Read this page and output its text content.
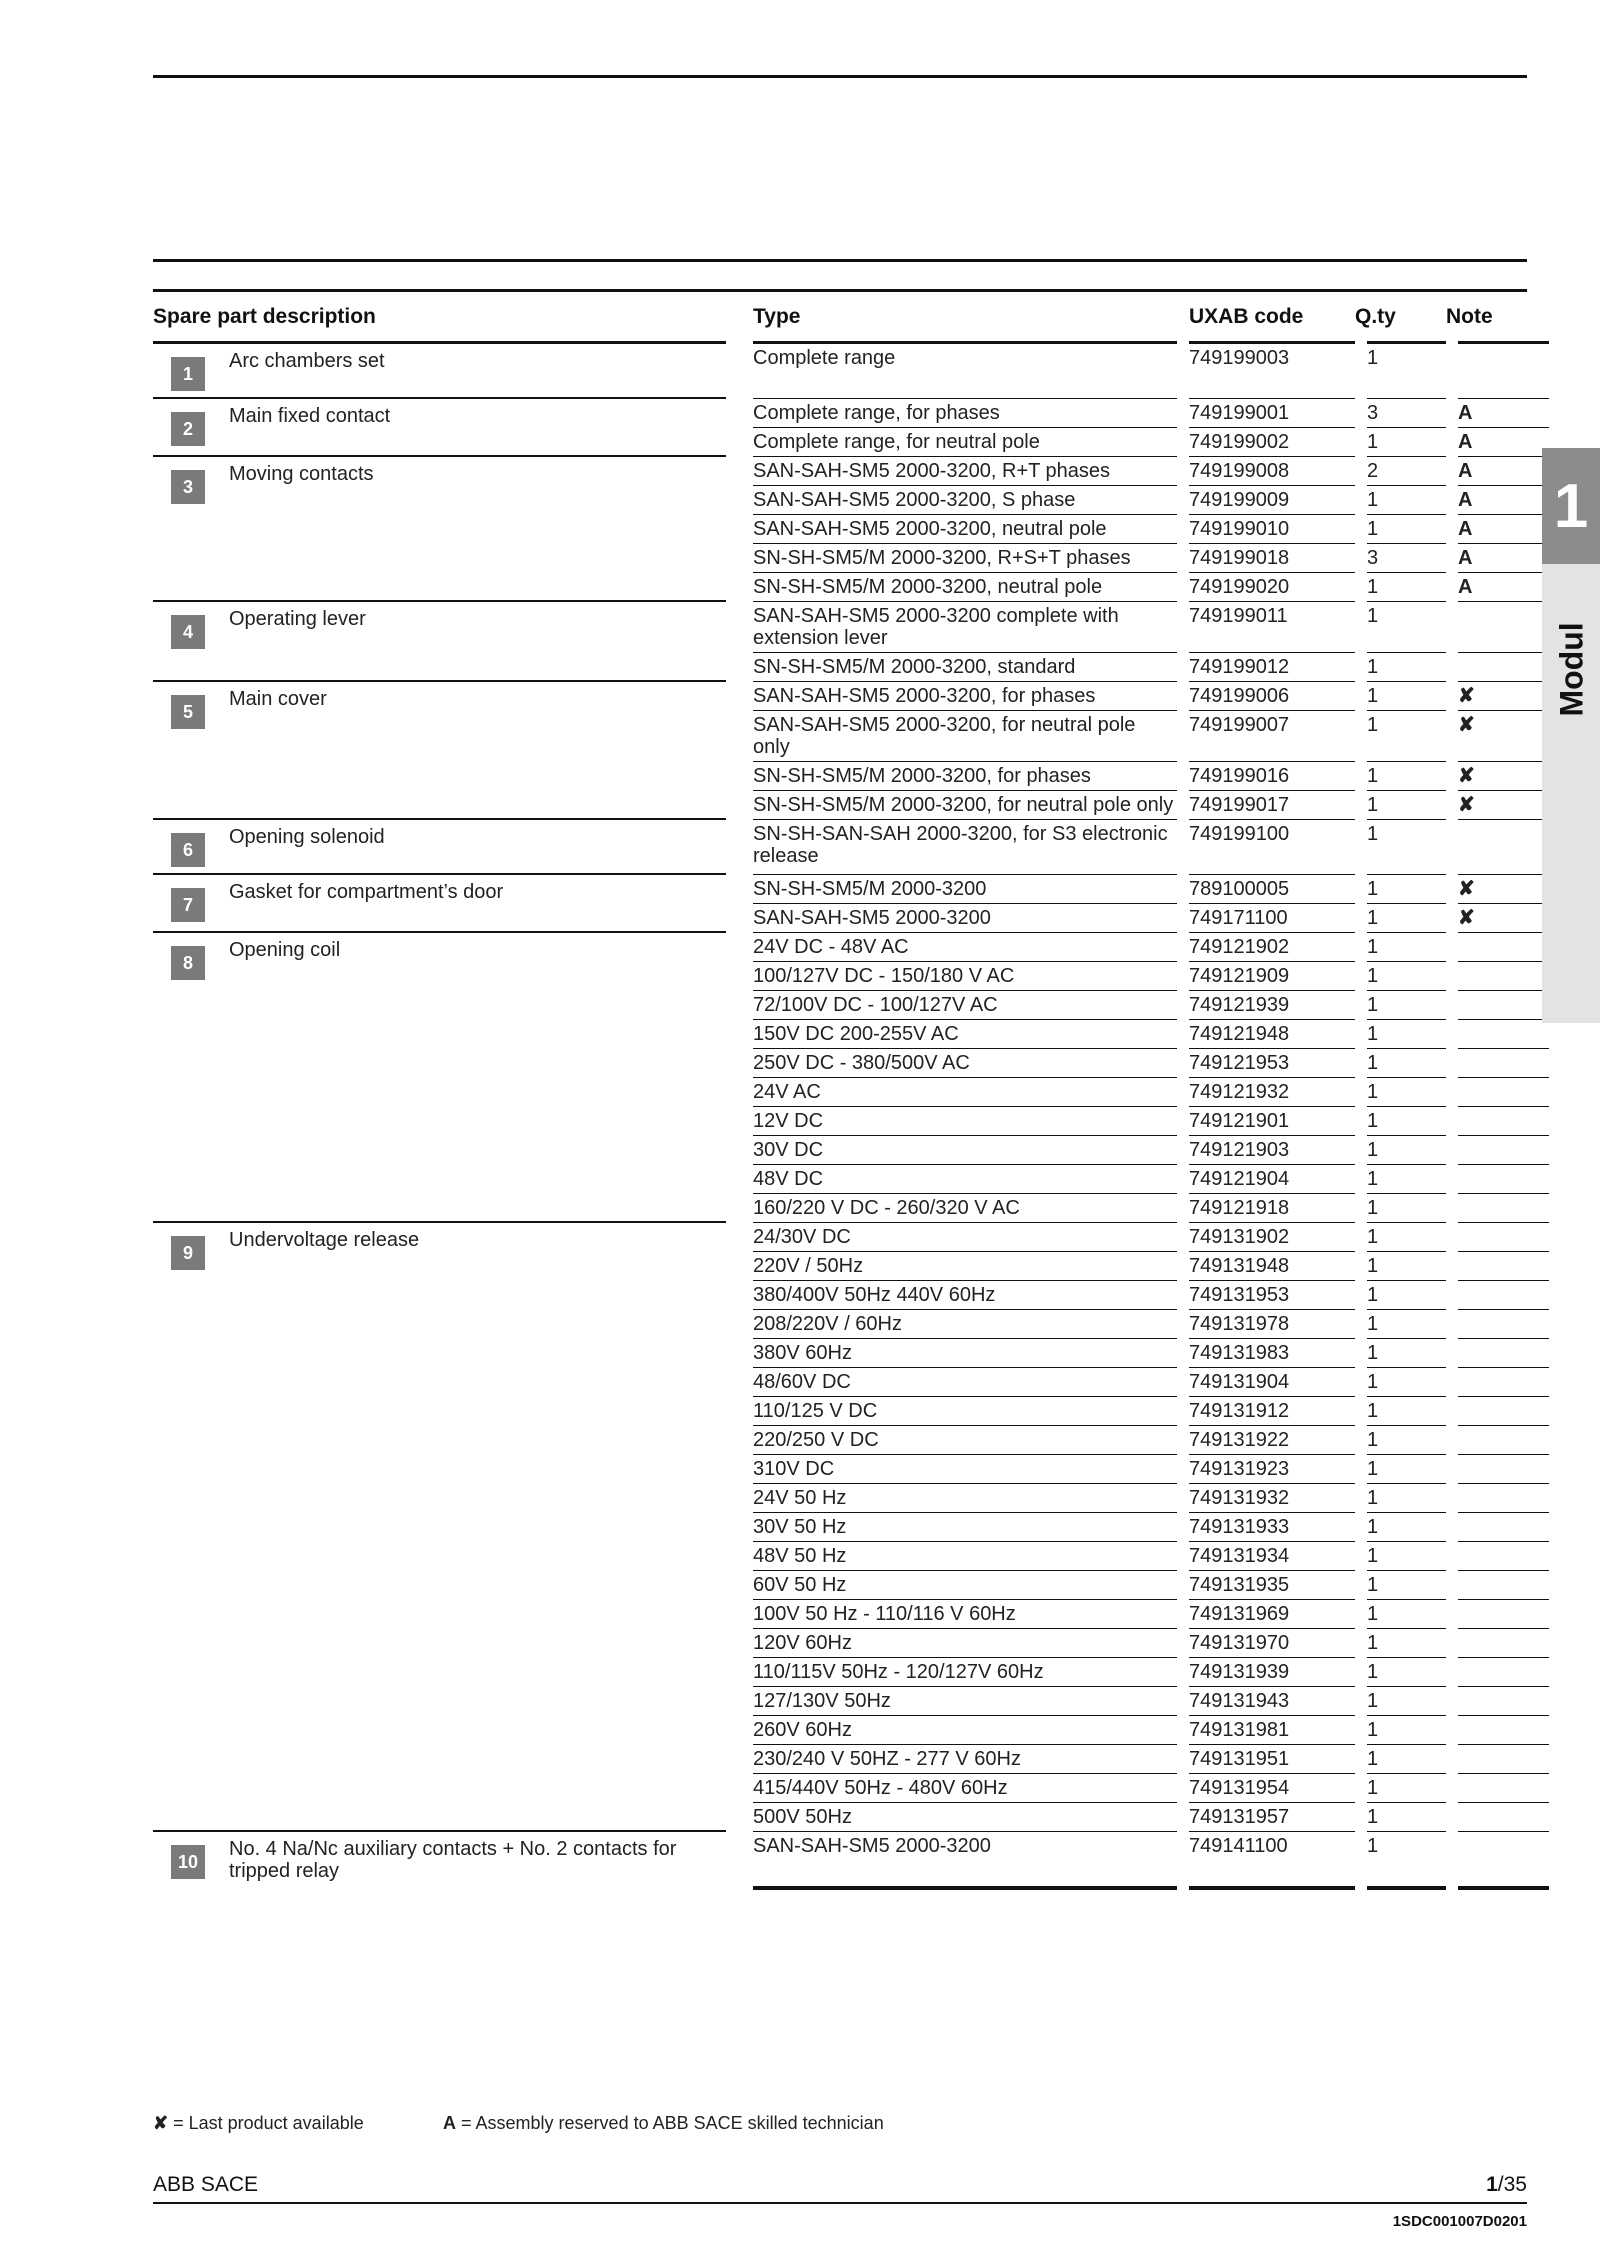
Spare part description	Type	UXAB code Q.ty Note
1
Arc chambers set		Complete range		749199003		1		

2
Main fixed contact		Complete range, for phases		749199001		3		A
		Complete range, for neutral pole		749199002		1		A

3
Moving contacts		SAN-SAH-SM5 2000-3200, R+T phases		749199008		2		A
		SAN-SAH-SM5 2000-3200, S phase		749199009		1		A
		SAN-SAH-SM5 2000-3200, neutral pole		749199010		1		A
		SN-SH-SM5/M 2000-3200, R+S+T phases		749199018		3		A
		SN-SH-SM5/M 2000-3200, neutral pole		749199020		1		A

4
Operating lever		SAN-SAH-SM5 2000-3200 complete with extension lever		749199011		1		
		SN-SH-SM5/M 2000-3200, standard		749199012		1		

5
Main cover		SAN-SAH-SM5 2000-3200, for phases		749199006		1		✘
		SAN-SAH-SM5 2000-3200, for neutral pole only		749199007		1		✘
		SN-SH-SM5/M 2000-3200, for phases		749199016		1		✘
		SN-SH-SM5/M 2000-3200, for neutral pole only		749199017		1		✘

6
Opening solenoid		SN-SH-SAN-SAH 2000-3200, for S3 electronic release		749199100		1		

7
Gasket for compartment’s door		SN-SH-SM5/M 2000-3200		789100005		1		✘
		SAN-SAH-SM5 2000-3200		749171100		1		✘

8
Opening coil		24V DC - 48V AC		749121902		1		
		100/127V DC - 150/180 V AC		749121909		1		
		72/100V DC - 100/127V AC		749121939		1		
		150V DC 200-255V AC		749121948		1		
		250V DC - 380/500V AC		749121953		1		
		24V AC		749121932		1		
		12V DC		749121901		1		
		30V DC		749121903		1		
		48V DC		749121904		1		
		160/220 V DC - 260/320 V AC		749121918		1		

9
Undervoltage release		24/30V DC		749131902		1		
		220V / 50Hz		749131948		1		
		380/400V 50Hz 440V 60Hz		749131953		1		
		208/220V / 60Hz		749131978		1		
		380V 60Hz		749131983		1		
		48/60V DC		749131904		1		
		110/125 V DC		749131912		1		
		220/250 V DC		749131922		1		
		310V DC		749131923		1		
		24V 50 Hz		749131932		1		
		30V 50 Hz		749131933		1		
		48V 50 Hz		749131934		1		
		60V 50 Hz		749131935		1		
		100V 50 Hz - 110/116 V 60Hz		749131969		1		
		120V 60Hz		749131970		1		
		110/115V 50Hz - 120/127V 60Hz		749131939		1		
		127/130V 50Hz		749131943		1		
		260V 60Hz		749131981		1		
		230/240 V 50HZ - 277 V 60Hz		749131951		1		
		415/440V 50Hz - 480V 60Hz		749131954		1		
		500V 50Hz		749131957		1		

10
No. 4 Na/Nc auxiliary contacts + No. 2 contacts for tripped relay		SAN-SAH-SM5 2000-3200		749141100		1		
1
Modul
✘ = Last product available	A = Assembly reserved to ABB SACE skilled technician
ABB SACE	1/35
1SDC001007D0201
